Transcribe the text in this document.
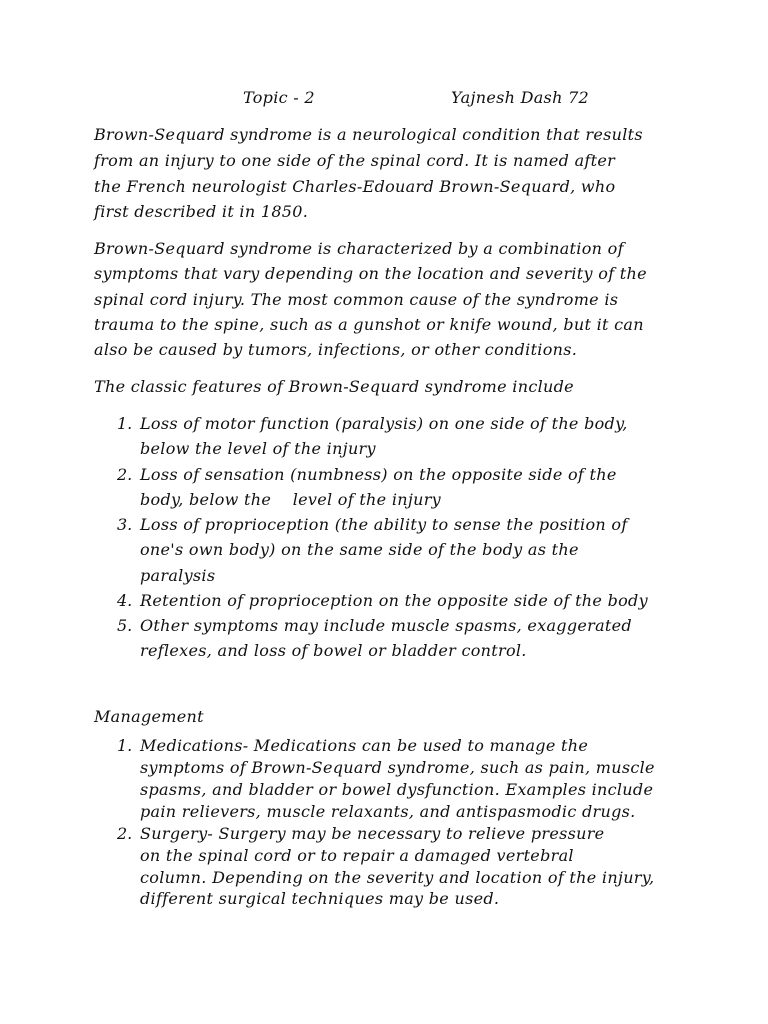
Topic - 2	Yajnesh Dash 72
Brown-Sequard syndrome is a neurological condition that results
from an injury to one side of the spinal cord. It is named after
the French neurologist Charles-Edouard Brown-Sequard, who
first described it in 1850.
Brown-Sequard syndrome is characterized by a combination of
symptoms that vary depending on the location and severity of the
spinal cord injury. The most common cause of the syndrome is
trauma to the spine, such as a gunshot or knife wound, but it can
also be caused by tumors, infections, or other conditions.
The classic features of Brown-Sequard syndrome include
1. Loss of motor function (paralysis) on one side of the body,
below the level of the injury
2. Loss of sensation (numbness) on the opposite side of the
body, below the    level of the injury
3. Loss of proprioception (the ability to sense the position of
one's own body) on the same side of the body as the
paralysis
4. Retention of proprioception on the opposite side of the body
5. Other symptoms may include muscle spasms, exaggerated
reflexes, and loss of bowel or bladder control.
Management
1. Medications- Medications can be used to manage the
symptoms of Brown-Sequard syndrome, such as pain, muscle
spasms, and bladder or bowel dysfunction. Examples include
pain relievers, muscle relaxants, and antispasmodic drugs.
2. Surgery- Surgery may be necessary to relieve pressure
on the spinal cord or to repair a damaged vertebral
column. Depending on the severity and location of the injury,
different surgical techniques may be used.
